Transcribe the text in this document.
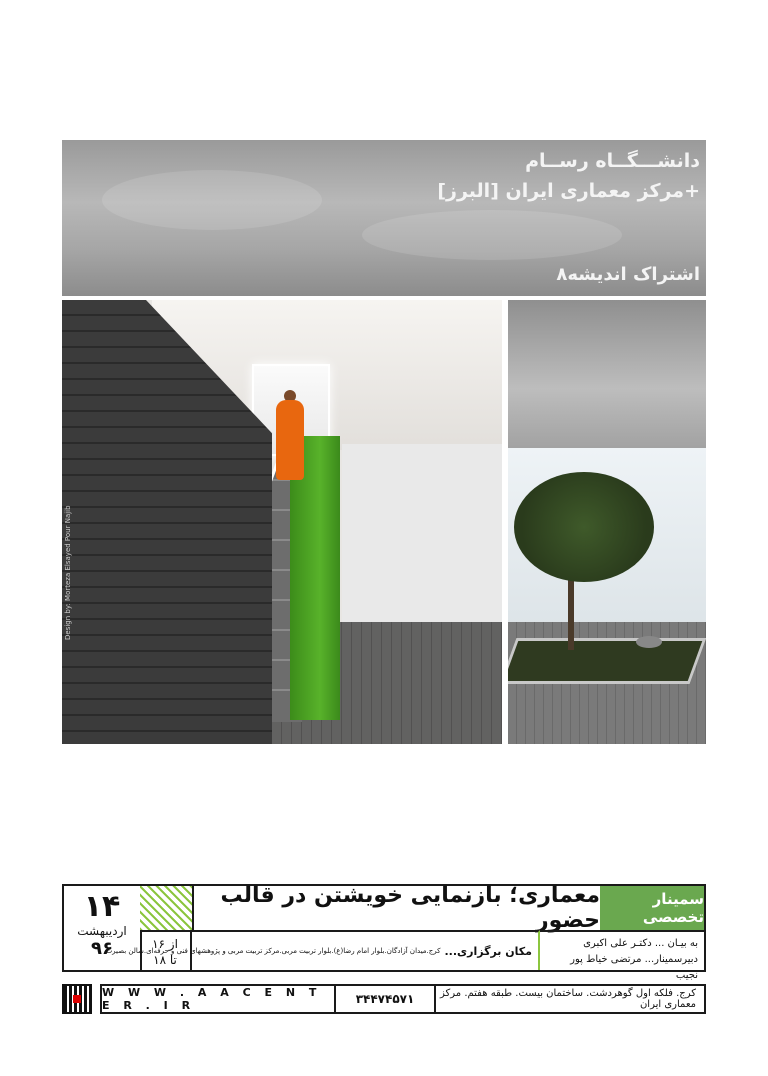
دانشـــگــاه رســام
+مرکز معماری ایران [البرز]
اشتراک اندیشه۸
Design by: Morteza Elsayed Pour Najib
۱۴
اردیبهشت
۹۶	از ۱۶
تا ۱۸
معماری؛ بازنمایی خویشتن در قالب حضور
سمینار تخصصی
مکان برگزاری...
کرج.میدان آزادگان.بلوار امام رضا(ع).بلوار تربیت مربی.مرکز تربیت مربی و پژوهشهای فنی و حرفه‌ای.سالن بصیرت
به بیـان ... دکتـر علی اکبری
دبیرسمینار... مرتضی خیاط پور نجیب
W W W . A A C E N T E R . I R	۳۴۴۷۴۵۷۱	کرج. فلکه اول گوهردشت. ساختمان بیست. طبقه هفتم. مرکز معماری ایران
